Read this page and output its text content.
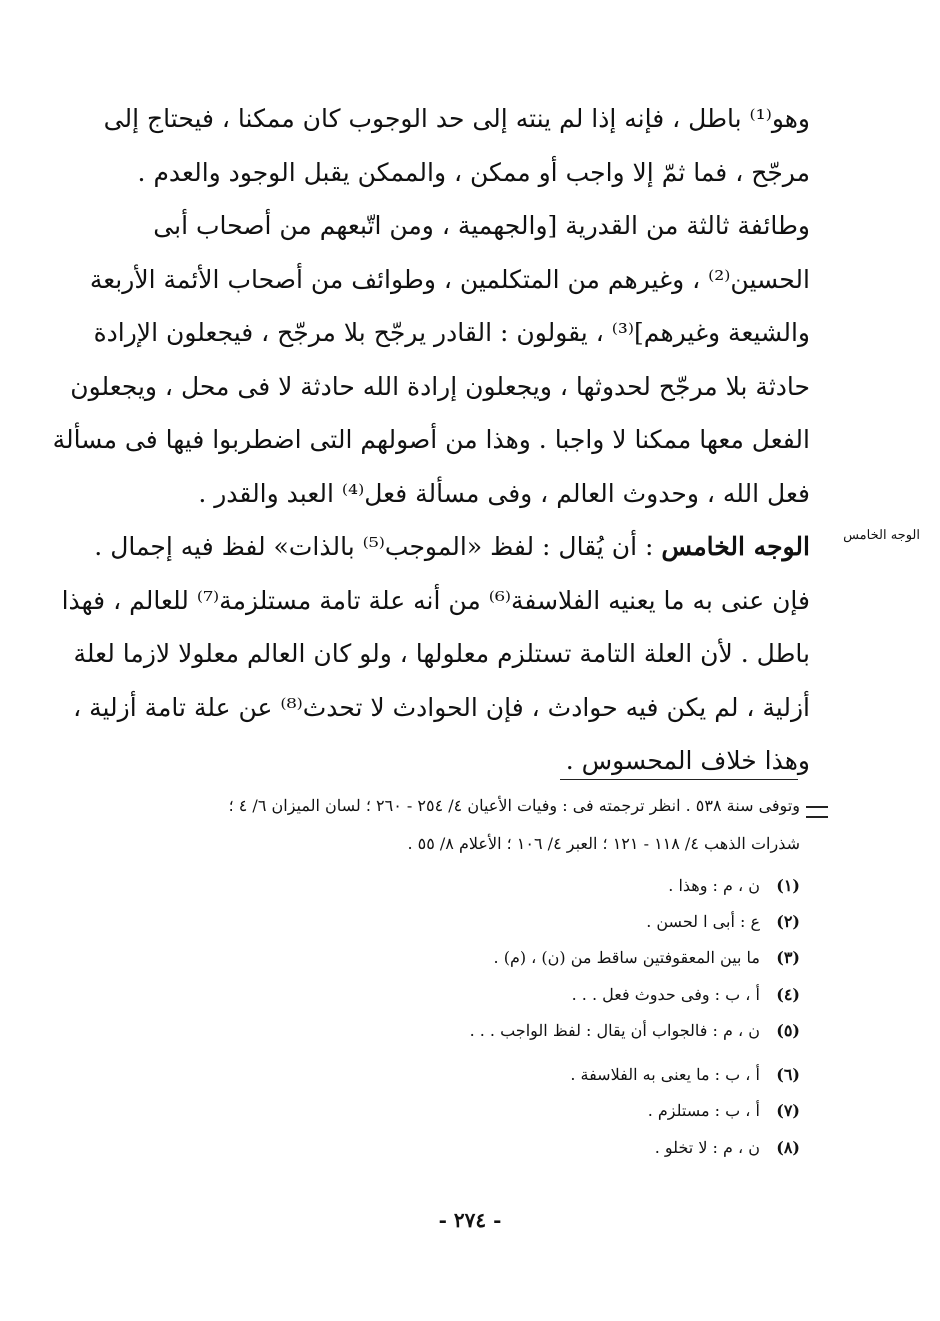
وهو⁽¹⁾ باطل ، فإنه إذا لم ينته إلى حد الوجوب كان ممكنا ، فيحتاج إلى
مرجّح ، فما ثمّ إلا واجب أو ممكن ، والممكن يقبل الوجود والعدم .
وطائفة ثالثة من القدرية [والجهمية ، ومن اتّبعهم من أصحاب أبى
الحسين⁽²⁾ ، وغيرهم من المتكلمين ، وطوائف من أصحاب الأئمة الأربعة
والشيعة وغيرهم]⁽³⁾ ، يقولون : القادر يرجّح بلا مرجّح ، فيجعلون الإرادة
حادثة بلا مرجّح لحدوثها ، ويجعلون إرادة الله حادثة لا فى محل ، ويجعلون
الفعل معها ممكنا لا واجبا . وهذا من أصولهم التى اضطربوا فيها فى مسألة
فعل الله ، وحدوث العالم ، وفى مسألة فعل⁽⁴⁾ العبد والقدر .
الوجه الخامس : أن يُقال : لفظ «الموجب⁽⁵⁾ بالذات» لفظ فيه إجمال .
فإن عنى به ما يعنيه الفلاسفة⁽⁶⁾ من أنه علة تامة مستلزمة⁽⁷⁾ للعالم ، فهذا
باطل . لأن العلة التامة تستلزم معلولها ، ولو كان العالم معلولا لازما لعلة
أزلية ، لم يكن فيه حوادث ، فإن الحوادث لا تحدث⁽⁸⁾ عن علة تامة أزلية ،
وهذا خلاف المحسوس .
الوجه الخامس
وتوفى سنة ٥٣٨ . انظر ترجمته فى : وفيات الأعيان ٤/ ٢٥٤ - ٢٦٠ ؛ لسان الميزان ٦/ ٤ ؛
شذرات الذهب ٤/ ١١٨ - ١٢١ ؛ العبر ٤/ ١٠٦ ؛ الأعلام ٨/ ٥٥ .
(١)ن ، م : وهذا .
(٢)ع : أبى ا لحسن .
(٣)ما بين المعقوفتين ساقط من (ن) ، (م) .
(٤)أ ، ب : وفى حدوث فعل . . .
(٥)ن ، م : فالجواب أن يقال : لفظ الواجب . . .
(٦)أ ، ب : ما يعنى به الفلاسفة .
(٧)أ ، ب : مستلزم .
(٨)ن ، م : لا تخلو .
- ٢٧٤ -
